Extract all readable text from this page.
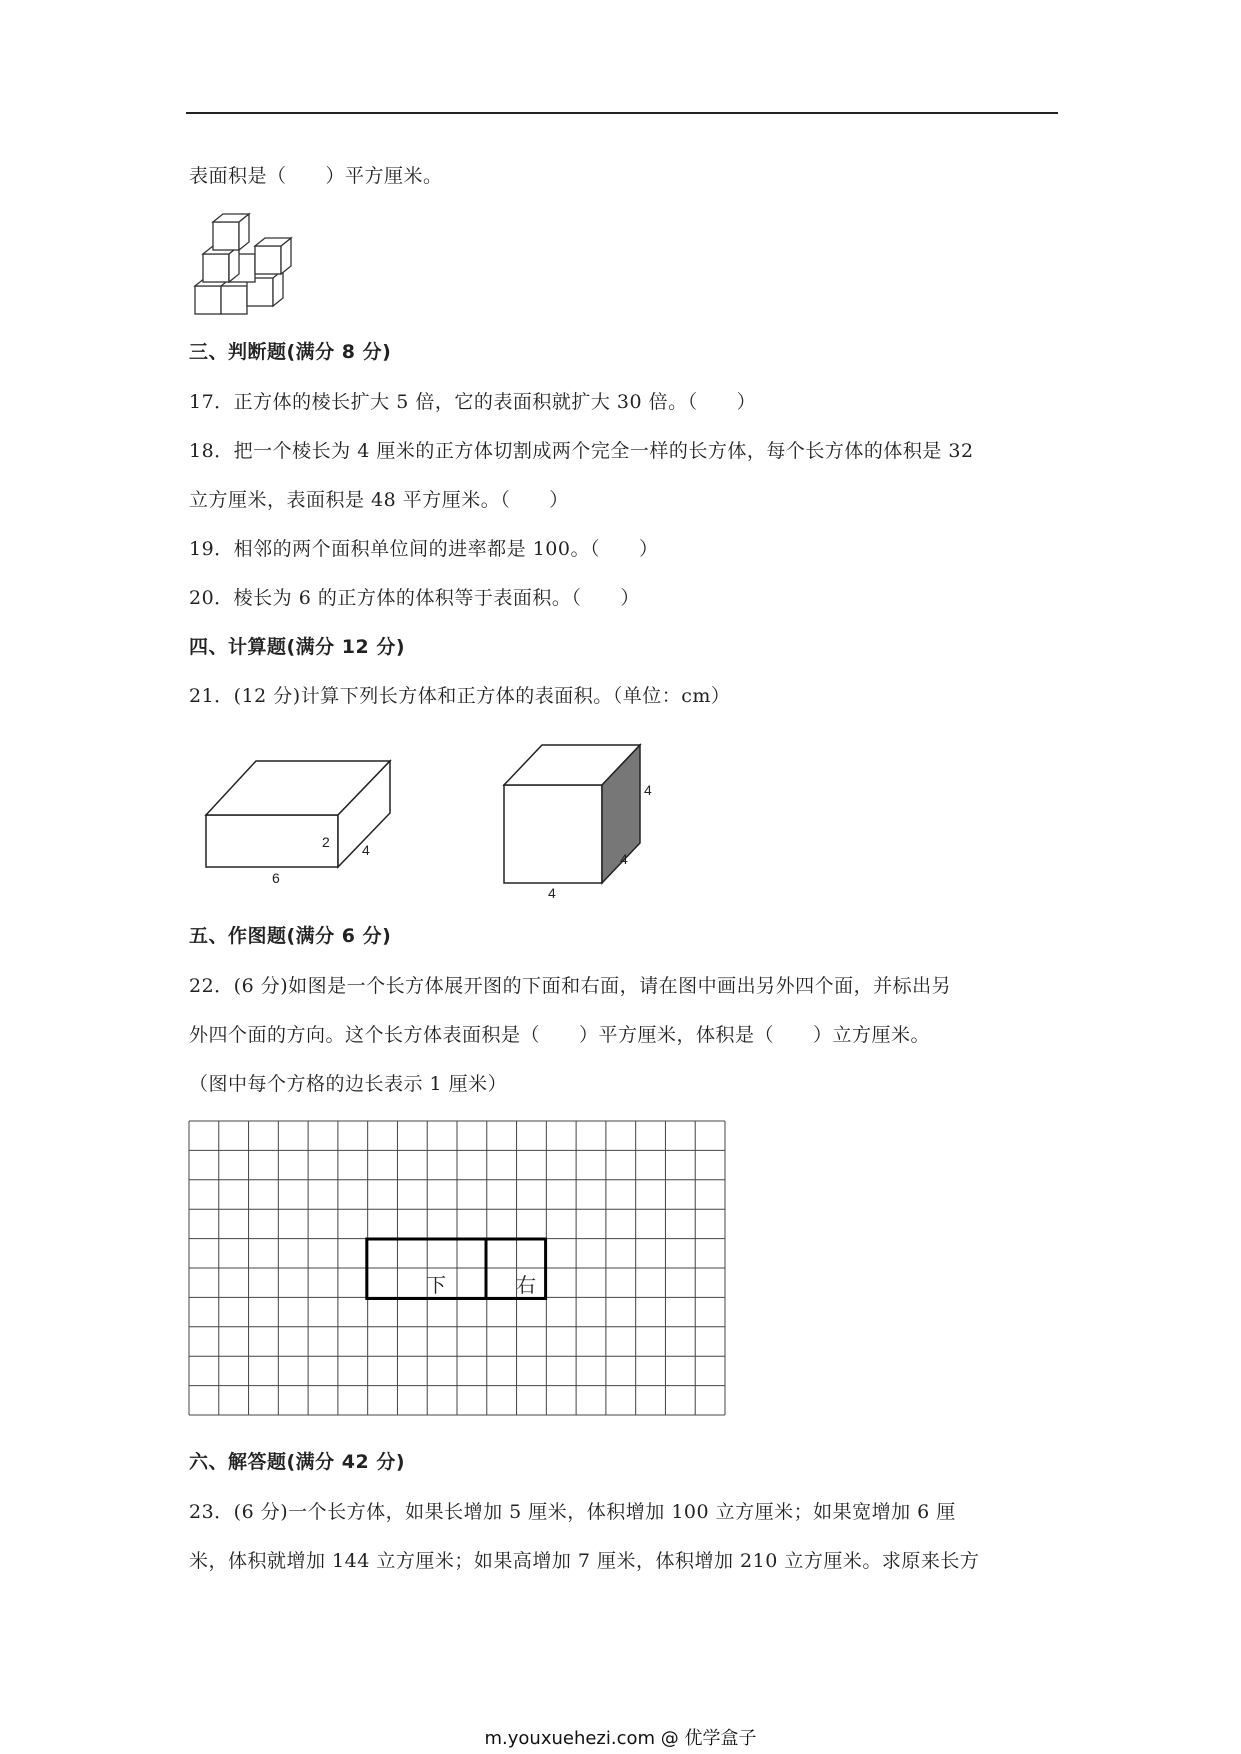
表面积是（　　）平方厘米。
三、判断题(满分 8 分)
17．正方体的棱长扩大 5 倍，它的表面积就扩大 30 倍。（　　）
18．把一个棱长为 4 厘米的正方体切割成两个完全一样的长方体，每个长方体的体积是 32
立方厘米，表面积是 48 平方厘米。（　　）
19．相邻的两个面积单位间的进率都是 100。（　　）
20．棱长为 6 的正方体的体积等于表面积。（　　）
四、计算题(满分 12 分)
21．(12 分)计算下列长方体和正方体的表面积。（单位：cm）
2 4
6
4
4
4
五、作图题(满分 6 分)
22．(6 分)如图是一个长方体展开图的下面和右面，请在图中画出另外四个面，并标出另
外四个面的方向。这个长方体表面积是（　　）平方厘米，体积是（　　）立方厘米。
（图中每个方格的边长表示 1 厘米）
下	右
六、解答题(满分 42 分)
23．(6 分)一个长方体，如果长增加 5 厘米，体积增加 100 立方厘米；如果宽增加 6 厘
米，体积就增加 144 立方厘米；如果高增加 7 厘米，体积增加 210 立方厘米。求原来长方
m.youxuehezi.com @ 优学盒子
